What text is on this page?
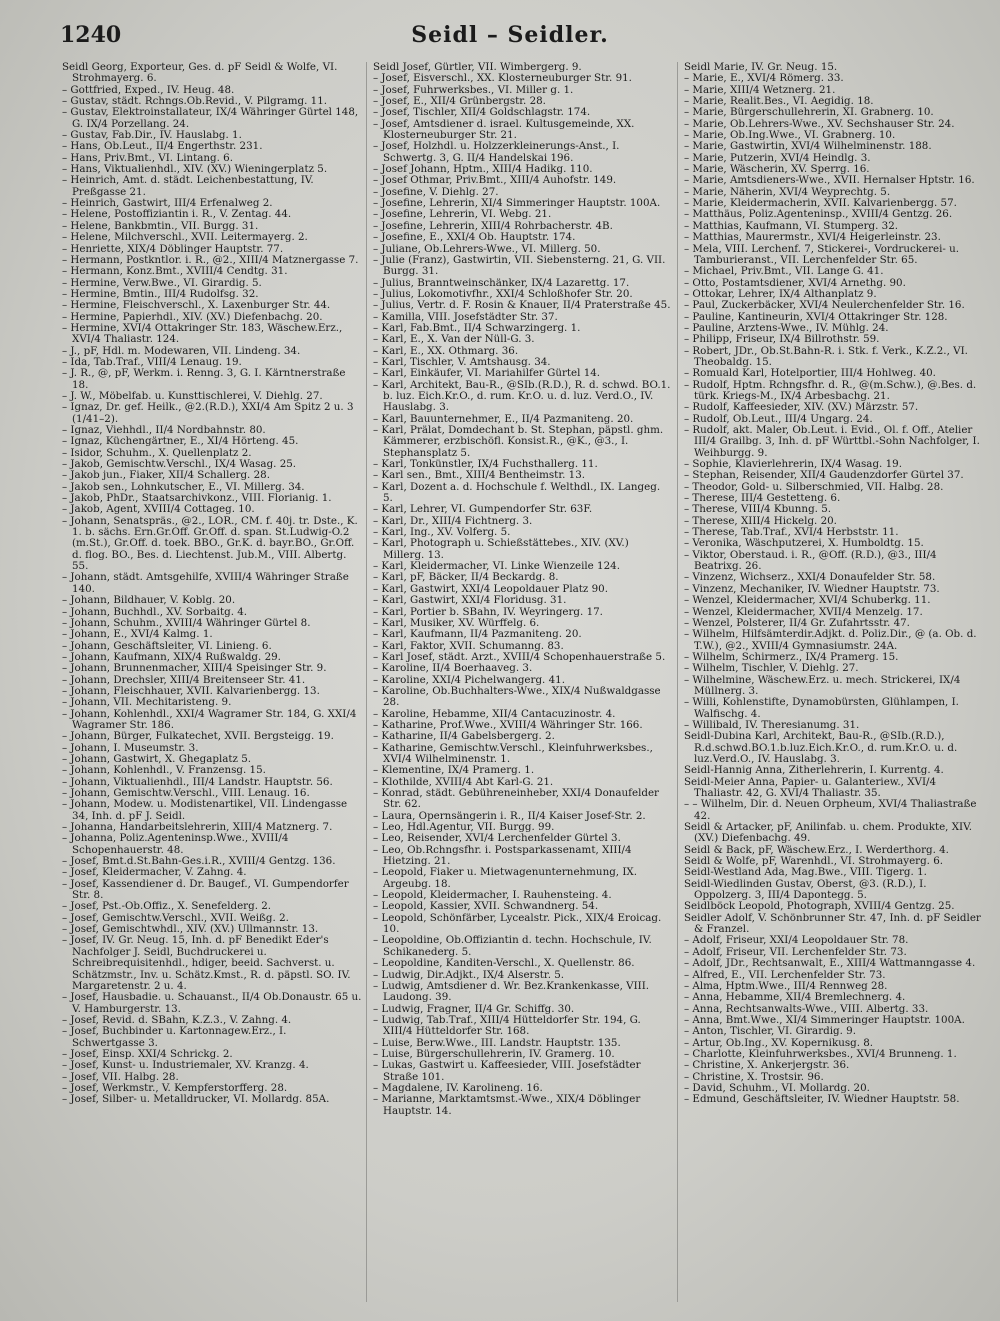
1240	Seidl – Seidler.

Seidl Georg, Exporteur, Ges. d. pF Seidl & Wolfe, VI. Strohmayerg. 6.

– Gottfried, Exped., IV. Heug. 48.

– Gustav, städt. Rchngs.Ob.Revid., V. Pilgramg. 11.

– Gustav, Elektroinstallateur, IX/4 Währinger Gürtel 148, G. IX/4 Porzellang. 24.

– Gustav, Fab.Dir., IV. Hauslabg. 1.

– Hans, Ob.Leut., II/4 Engerthstr. 231.

– Hans, Priv.Bmt., VI. Lintang. 6.

– Hans, Viktualienhdl., XIV. (XV.) Wieningerplatz 5.

– Heinrich, Amt. d. städt. Leichenbestattung, IV. Preßgasse 21.

– Heinrich, Gastwirt, III/4 Erfenalweg 2.

– Helene, Postoffiziantin i. R., V. Zentag. 44.

– Helene, Bankbmtin., VII. Burgg. 31.

– Helene, Milchverschl., XVII. Leitermayerg. 2.

– Henriette, XIX/4 Döblinger Hauptstr. 77.

– Hermann, Postkntlor. i. R., @2., XIII/4 Matznergasse 7.

– Hermann, Konz.Bmt., XVIII/4 Cendtg. 31.

– Hermine, Verw.Bwe., VI. Girardig. 5.

– Hermine, Bmtin., III/4 Rudolfsg. 32.

– Hermine, Fleischverschl., X. Laxenburger Str. 44.

– Hermine, Papierhdl., XIV. (XV.) Diefenbachg. 20.

– Hermine, XVI/4 Ottakringer Str. 183, Wäschew.Erz., XVI/4 Thaliastr. 124.

– J., pF, Hdl. m. Modewaren, VII. Lindeng. 34.

– Ida, Tab.Traf., VIII/4 Lenaug. 19.

– J. R., @, pF, Werkm. i. Renng. 3, G. I. Kärntnerstraße 18.

– J. W., Möbelfab. u. Kunsttischlerei, V. Diehlg. 27.

– Ignaz, Dr. gef. Heilk., @2.(R.D.), XXI/4 Am Spitz 2 u. 3 (1/41–2).

– Ignaz, Viehhdl., II/4 Nordbahnstr. 80.

– Ignaz, Küchengärtner, E., XI/4 Hörteng. 45.

– Isidor, Schuhm., X. Quellenplatz 2.

– Jakob, Gemischtw.Verschl., IX/4 Wasag. 25.

– Jakob jun., Fiaker, XII/4 Schallerg. 28.

– Jakob sen., Lohnkutscher, E., VI. Millerg. 34.

– Jakob, PhDr., Staatsarchivkonz., VIII. Florianig. 1.

– Jakob, Agent, XVIII/4 Cottageg. 10.

– Johann, Senatspräs., @2., LOR., CM. f. 40j. tr. Dste., K. 1. b. sächs. Ern.Gr.Off. Gr.Off. d. span. St.Ludwig-O.2 (m.St.), Gr.Off. d. toek. BBO., Gr.K. d. bayr.BO., Gr.Off. d. flog. BO., Bes. d. Liechtenst. Jub.M., VIII. Albertg. 55.

– Johann, städt. Amtsgehilfe, XVIII/4 Währinger Straße 140.

– Johann, Bildhauer, V. Koblg. 20.

– Johann, Buchhdl., XV. Sorbaitg. 4.

– Johann, Schuhm., XVIII/4 Währinger Gürtel 8.

– Johann, E., XVI/4 Kalmg. 1.

– Johann, Geschäftsleiter, VI. Linieng. 6.

– Johann, Kaufmann, XIX/4 Rußwaldg. 29.

– Johann, Brunnenmacher, XIII/4 Speisinger Str. 9.

– Johann, Drechsler, XIII/4 Breitenseer Str. 41.

– Johann, Fleischhauer, XVII. Kalvarienbergg. 13.

– Johann, VII. Mechitaristeng. 9.

– Johann, Kohlenhdl., XXI/4 Wagramer Str. 184, G. XXI/4 Wagramer Str. 186.

– Johann, Bürger, Fulkatechet, XVII. Bergsteigg. 19.

– Johann, I. Museumstr. 3.

– Johann, Gastwirt, X. Ghegaplatz 5.

– Johann, Kohlenhdl., V. Franzensg. 15.

– Johann, Viktualienhdl., III/4 Landstr. Hauptstr. 56.

– Johann, Gemischtw.Verschl., VIII. Lenaug. 16.

– Johann, Modew. u. Modistenartikel, VII. Lindengasse 34, Inh. d. pF J. Seidl.

– Johanna, Handarbeitslehrerin, XIII/4 Matznerg. 7.

– Johanna, Poliz.Agenteninsp.Wwe., XVIII/4 Schopenhauerstr. 48.

– Josef, Bmt.d.St.Bahn-Ges.i.R., XVIII/4 Gentzg. 136.

– Josef, Kleidermacher, V. Zahng. 4.

– Josef, Kassendiener d. Dr. Baugef., VI. Gumpendorfer Str. 8.

– Josef, Pst.-Ob.Offiz., X. Senefelderg. 2.

– Josef, Gemischtw.Verschl., XVII. Weißg. 2.

– Josef, Gemischtwhdl., XIV. (XV.) Ullmannstr. 13.

– Josef, IV. Gr. Neug. 15, Inh. d. pF Benedikt Eder's Nachfolger J. Seidl, Buchdruckerei u. Schreibrequisitenhdl., hdiger, beeid. Sachverst. u. Schätzmstr., Inv. u. Schätz.Kmst., R. d. päpstl. SO. IV. Margaretenstr. 2 u. 4.

– Josef, Hausbadie. u. Schauanst., II/4 Ob.Donaustr. 65 u. V. Hamburgerstr. 13.

– Josef, Revid. d. SBahn, K.Z.3., V. Zahng. 4.

– Josef, Buchbinder u. Kartonnagew.Erz., I. Schwertgasse 3.

– Josef, Einsp. XXI/4 Schrickg. 2.

– Josef, Kunst- u. Industriemaler, XV. Kranzg. 4.

– Josef, VII. Halbg. 28.

– Josef, Werkmstr., V. Kempferstorfferg. 28.

– Josef, Silber- u. Metalldrucker, VI. Mollardg. 85A.

Seidl Josef, Gürtler, VII. Wimbergerg. 9.

– Josef, Eisverschl., XX. Klosterneuburger Str. 91.

– Josef, Fuhrwerksbes., VI. Miller g. 1.

– Josef, E., XII/4 Grünbergstr. 28.

– Josef, Tischler, XII/4 Goldschlagstr. 174.

– Josef, Amtsdiener d. israel. Kultusgemeinde, XX. Klosterneuburger Str. 21.

– Josef, Holzhdl. u. Holzzerkleinerungs-Anst., I. Schwertg. 3, G. II/4 Handelskai 196.

– Josef Johann, Hptm., XIII/4 Hadikg. 110.

– Josef Othmar, Priv.Bmt., XIII/4 Auhofstr. 149.

– Josefine, V. Diehlg. 27.

– Josefine, Lehrerin, XI/4 Simmeringer Hauptstr. 100A.

– Josefine, Lehrerin, VI. Webg. 21.

– Josefine, Lehrerin, XIII/4 Rohrbacherstr. 4B.

– Josefine, E., XXI/4 Ob. Hauptstr. 174.

– Juliane, Ob.Lehrers-Wwe., VI. Millerg. 50.

– Julie (Franz), Gastwirtin, VII. Siebensterng. 21, G. VII. Burgg. 31.

– Julius, Branntweinschänker, IX/4 Lazarettg. 17.

– Julius, Lokomotivfhr., XXI/4 Schloßhofer Str. 20.

– Julius, Vertr. d. F. Rosin & Knauer, II/4 Praterstraße 45.

– Kamilla, VIII. Josefstädter Str. 37.

– Karl, Fab.Bmt., II/4 Schwarzingerg. 1.

– Karl, E., X. Van der Nüll-G. 3.

– Karl, E., XX. Othmarg. 36.

– Karl, Tischler, V. Amtshausg. 34.

– Karl, Einkäufer, VI. Mariahilfer Gürtel 14.

– Karl, Architekt, Bau-R., @SIb.(R.D.), R. d. schwd. BO.1. b. luz. Eich.Kr.O., d. rum. Kr.O. u. d. luz. Verd.O., IV. Hauslabg. 3.

– Karl, Bauunternehmer, E., II/4 Pazmaniteng. 20.

– Karl, Prälat, Domdechant b. St. Stephan, päpstl. ghm. Kämmerer, erzbischöfl. Konsist.R., @K., @3., I. Stephansplatz 5.

– Karl, Tonkünstler, IX/4 Fuchsthallerg. 11.

– Karl sen., Bmt., XIII/4 Bentheimstr. 13.

– Karl, Dozent a. d. Hochschule f. Welthdl., IX. Langeg. 5.

– Karl, Lehrer, VI. Gumpendorfer Str. 63F.

– Karl, Dr., XIII/4 Fichtnerg. 3.

– Karl, Ing., XV. Volferg. 5.

– Karl, Photograph u. Schießstättebes., XIV. (XV.) Millerg. 13.

– Karl, Kleidermacher, VI. Linke Wienzeile 124.

– Karl, pF, Bäcker, II/4 Beckardg. 8.

– Karl, Gastwirt, XXI/4 Leopoldauer Platz 90.

– Karl, Gastwirt, XXI/4 Floridusg. 31.

– Karl, Portier b. SBahn, IV. Weyringerg. 17.

– Karl, Musiker, XV. Würffelg. 6.

– Karl, Kaufmann, II/4 Pazmaniteng. 20.

– Karl, Faktor, XVII. Schumanng. 83.

– Karl Josef, städt. Arzt., XVIII/4 Schopenhauerstraße 5.

– Karoline, II/4 Boerhaaveg. 3.

– Karoline, XXI/4 Pichelwangerg. 41.

– Karoline, Ob.Buchhalters-Wwe., XIX/4 Nußwaldgasse 28.

– Karoline, Hebamme, XII/4 Cantacuzinostr. 4.

– Katharine, Prof.Wwe., XVIII/4 Währinger Str. 166.

– Katharine, II/4 Gabelsbergerg. 2.

– Katharine, Gemischtw.Verschl., Kleinfuhrwerksbes., XVI/4 Wilhelminenstr. 1.

– Klementine, IX/4 Pramerg. 1.

– Klothilde, XVIII/4 Abt Karl-G. 21.

– Konrad, städt. Gebühreneinheber, XXI/4 Donaufelder Str. 62.

– Laura, Opernsängerin i. R., II/4 Kaiser Josef-Str. 2.

– Leo, Hdl.Agentur, VII. Burgg. 99.

– Leo, Reisender, XVI/4 Lerchenfelder Gürtel 3.

– Leo, Ob.Rchngsfhr. i. Postsparkassenamt, XIII/4 Hietzing. 21.

– Leopold, Fiaker u. Mietwagenunternehmung, IX. Argeubg. 18.

– Leopold, Kleidermacher, I. Rauhensteing. 4.

– Leopold, Kassier, XVII. Schwandnerg. 54.

– Leopold, Schönfärber, Lycealstr. Pick., XIX/4 Eroicag. 10.

– Leopoldine, Ob.Offiziantin d. techn. Hochschule, IV. Schikanederg. 5.

– Leopoldine, Kanditen-Verschl., X. Quellenstr. 86.

– Ludwig, Dir.Adjkt., IX/4 Alserstr. 5.

– Ludwig, Amtsdiener d. Wr. Bez.Krankenkasse, VIII. Laudong. 39.

– Ludwig, Fragner, II/4 Gr. Schiffg. 30.

– Ludwig, Tab.Traf., XIII/4 Hütteldorfer Str. 194, G. XIII/4 Hütteldorfer Str. 168.

– Luise, Berw.Wwe., III. Landstr. Hauptstr. 135.

– Luise, Bürgerschullehrerin, IV. Gramerg. 10.

– Lukas, Gastwirt u. Kaffeesieder, VIII. Josefstädter Straße 101.

– Magdalene, IV. Karolineng. 16.

– Marianne, Marktamtsmst.-Wwe., XIX/4 Döblinger Hauptstr. 14.

Seidl Marie, IV. Gr. Neug. 15.

– Marie, E., XVI/4 Römerg. 33.

– Marie, XIII/4 Wetznerg. 21.

– Marie, Realit.Bes., VI. Aegidig. 18.

– Marie, Bürgerschullehrerin, XI. Grabnerg. 10.

– Marie, Ob.Lehrers-Wwe., XV. Sechshauser Str. 24.

– Marie, Ob.Ing.Wwe., VI. Grabnerg. 10.

– Marie, Gastwirtin, XVI/4 Wilhelminenstr. 188.

– Marie, Putzerin, XVI/4 Heindlg. 3.

– Marie, Wäscherin, XV. Sperrg. 16.

– Marie, Amtsdieners-Wwe., XVII. Hernalser Hptstr. 16.

– Marie, Näherin, XVI/4 Weyprechtg. 5.

– Marie, Kleidermacherin, XVII. Kalvarienbergg. 57.

– Matthäus, Poliz.Agenteninsp., XVIII/4 Gentzg. 26.

– Matthias, Kaufmann, VI. Stumperg. 32.

– Matthias, Maurermstr., XVI/4 Heigerleinstr. 23.

– Mela, VIII. Lerchenf. 7, Stickerei-, Vordruckerei- u. Tamburieranst., VII. Lerchenfelder Str. 65.

– Michael, Priv.Bmt., VII. Lange G. 41.

– Otto, Postamtsdiener, XVI/4 Arnethg. 90.

– Ottokar, Lehrer, IX/4 Althanplatz 9.

– Paul, Zuckerbäcker, XVI/4 Neulerchenfelder Str. 16.

– Pauline, Kantineurin, XVI/4 Ottakringer Str. 128.

– Pauline, Arztens-Wwe., IV. Mühlg. 24.

– Philipp, Friseur, IX/4 Billrothstr. 59.

– Robert, JDr., Ob.St.Bahn-R. i. Stk. f. Verk., K.Z.2., VI. Theobaldg. 15.

– Romuald Karl, Hotelportier, III/4 Hohlweg. 40.

– Rudolf, Hptm. Rchngsfhr. d. R., @(m.Schw.), @.Bes. d. türk. Kriegs-M., IX/4 Arbesbachg. 21.

– Rudolf, Kaffeesieder, XIV. (XV.) Märzstr. 57.

– Rudolf, Ob.Leut., III/4 Ungarg. 24.

– Rudolf, akt. Maler, Ob.Leut. i. Evid., Ol. f. Off., Atelier III/4 Grailbg. 3, Inh. d. pF Württbl.-Sohn Nachfolger, I. Weihburgg. 9.

– Sophie, Klavierlehrerin, IX/4 Wasag. 19.

– Stephan, Reisender, XII/4 Gaudenzdorfer Gürtel 37.

– Theodor, Gold- u. Silberschmied, VII. Halbg. 28.

– Therese, III/4 Gestetteng. 6.

– Therese, VIII/4 Kbunng. 5.

– Therese, XIII/4 Hickelg. 20.

– Therese, Tab.Traf., XVI/4 Herbststr. 11.

– Veronika, Wäschputzerei, X. Humboldtg. 15.

– Viktor, Oberstaud. i. R., @Off. (R.D.), @3., III/4 Beatrixg. 26.

– Vinzenz, Wichserz., XXI/4 Donaufelder Str. 58.

– Vinzenz, Mechaniker, IV. Wiedner Hauptstr. 73.

– Wenzel, Kleidermacher, XVI/4 Schuberkg. 11.

– Wenzel, Kleidermacher, XVII/4 Menzelg. 17.

– Wenzel, Polsterer, II/4 Gr. Zufahrtsstr. 47.

– Wilhelm, Hilfsämterdir.Adjkt. d. Poliz.Dir., @ (a. Ob. d. T.W.), @2., XVIII/4 Gymnasiumstr. 24A.

– Wilhelm, Schirmerz., IX/4 Pramerg. 15.

– Wilhelm, Tischler, V. Diehlg. 27.

– Wilhelmine, Wäschew.Erz. u. mech. Strickerei, IX/4 Müllnerg. 3.

– Willi, Kohlenstifte, Dynamobürsten, Glühlampen, I. Walfischg. 4.

– Willibald, IV. Theresianumg. 31.

Seidl-Dubina Karl, Architekt, Bau-R., @SIb.(R.D.), R.d.schwd.BO.1.b.luz.Eich.Kr.O., d. rum.Kr.O. u. d. luz.Verd.O., IV. Hauslabg. 3.

Seidl-Hannig Anna, Zitherlehrerin, I. Kurrentg. 4.

Seidl-Meier Anna, Papier- u. Galanteriew., XVI/4 Thaliastr. 42, G. XVI/4 Thaliastr. 35.

– – Wilhelm, Dir. d. Neuen Orpheum, XVI/4 Thaliastraße 42.

Seidl & Artacker, pF, Anilinfab. u. chem. Produkte, XIV. (XV.) Diefenbachg. 49.

Seidl & Back, pF, Wäschew.Erz., I. Werderthorg. 4.

Seidl & Wolfe, pF, Warenhdl., VI. Strohmayerg. 6.

Seidl-Westland Ada, Mag.Bwe., VIII. Tigerg. 1.

Seidl-Wiedlinden Gustav, Oberst, @3. (R.D.), I. Oppolzerg. 3, III/4 Dapontegg. 5.

Seidlböck Leopold, Photograph, XVIII/4 Gentzg. 25.

Seidler Adolf, V. Schönbrunner Str. 47, Inh. d. pF Seidler & Franzel.

– Adolf, Friseur, XXI/4 Leopoldauer Str. 78.

– Adolf, Friseur, VII. Lerchenfelder Str. 73.

– Adolf, JDr., Rechtsanwalt, E., XIII/4 Wattmanngasse 4.

– Alfred, E., VII. Lerchenfelder Str. 73.

– Alma, Hptm.Wwe., III/4 Rennweg 28.

– Anna, Hebamme, XII/4 Bremlechnerg. 4.

– Anna, Rechtsanwalts-Wwe., VIII. Albertg. 33.

– Anna, Bmt.Wwe., XI/4 Simmeringer Hauptstr. 100A.

– Anton, Tischler, VI. Girardig. 9.

– Artur, Ob.Ing., XV. Kopernikusg. 8.

– Charlotte, Kleinfuhrwerksbes., XVI/4 Brunneng. 1.

– Christine, X. Ankerjergstr. 36.

– Christine, X. Trostsir. 96.

– David, Schuhm., VI. Mollardg. 20.

– Edmund, Geschäftsleiter, IV. Wiedner Hauptstr. 58.
